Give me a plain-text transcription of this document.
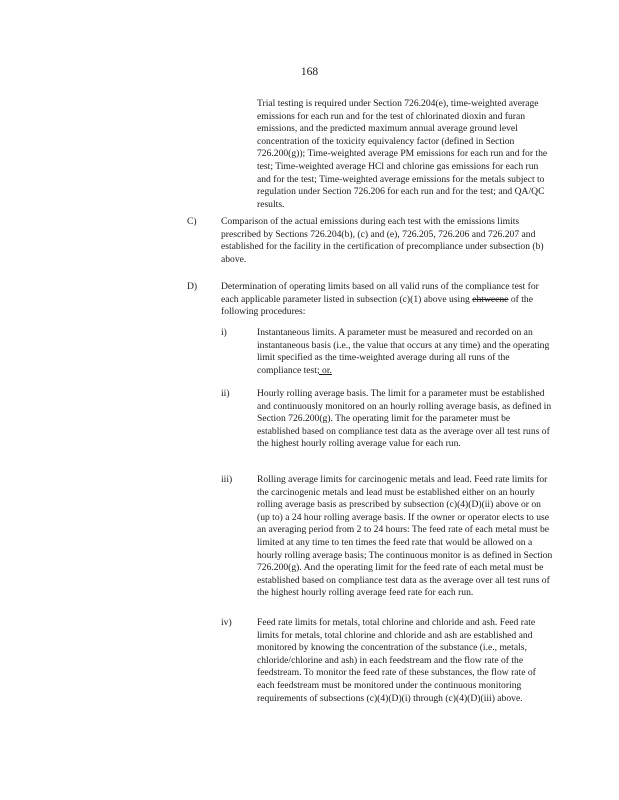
168
Trial testing is required under Section 726.204(e), time-weighted average emissions for each run and for the test of chlorinated dioxin and furan emissions, and the predicted maximum annual average ground level concentration of the toxicity equivalency factor (defined in Section 726.200(g)); Time-weighted average PM emissions for each run and for the test; Time-weighted average HCl and chlorine gas emissions for each run and for the test; Time-weighted average emissions for the metals subject to regulation under Section 726.206 for each run and for the test; and QA/QC results.
C)	Comparison of the actual emissions during each test with the emissions limits prescribed by Sections 726.204(b), (c) and (e), 726.205, 726.206 and 726.207 and established for the facility in the certification of precompliance under subsection (b) above.
D) Determination of operating limits based on all valid runs of the compliance test for each applicable parameter listed in subsection (c)(1) above using ehtweene of the following procedures:
i)	Instantaneous limits. A parameter must be measured and recorded on an instantaneous basis (i.e., the value that occurs at any time) and the operating limit specified as the time-weighted average during all runs of the compliance test; or.
ii)	Hourly rolling average basis. The limit for a parameter must be established and continuously monitored on an hourly rolling average basis, as defined in Section 726.200(g). The operating limit for the parameter must be established based on compliance test data as the average over all test runs of the highest hourly rolling average value for each run.
iii)	Rolling average limits for carcinogenic metals and lead. Feed rate limits for the carcinogenic metals and lead must be established either on an hourly rolling average basis as prescribed by subsection (c)(4)(D)(ii) above or on (up to) a 24 hour rolling average basis. If the owner or operator elects to use an averaging period from 2 to 24 hours: The feed rate of each metal must be limited at any time to ten times the feed rate that would be allowed on a hourly rolling average basis; The continuous monitor is as defined in Section 726.200(g). And the operating limit for the feed rate of each metal must be established based on compliance test data as the average over all test runs of the highest hourly rolling average feed rate for each run.
iv)	Feed rate limits for metals, total chlorine and chloride and ash. Feed rate limits for metals, total chlorine and chloride and ash are established and monitored by knowing the concentration of the substance (i.e., metals, chloride/chlorine and ash) in each feedstream and the flow rate of the feedstream. To monitor the feed rate of these substances, the flow rate of each feedstream must be monitored under the continuous monitoring requirements of subsections (c)(4)(D)(i) through (c)(4)(D)(iii) above.
